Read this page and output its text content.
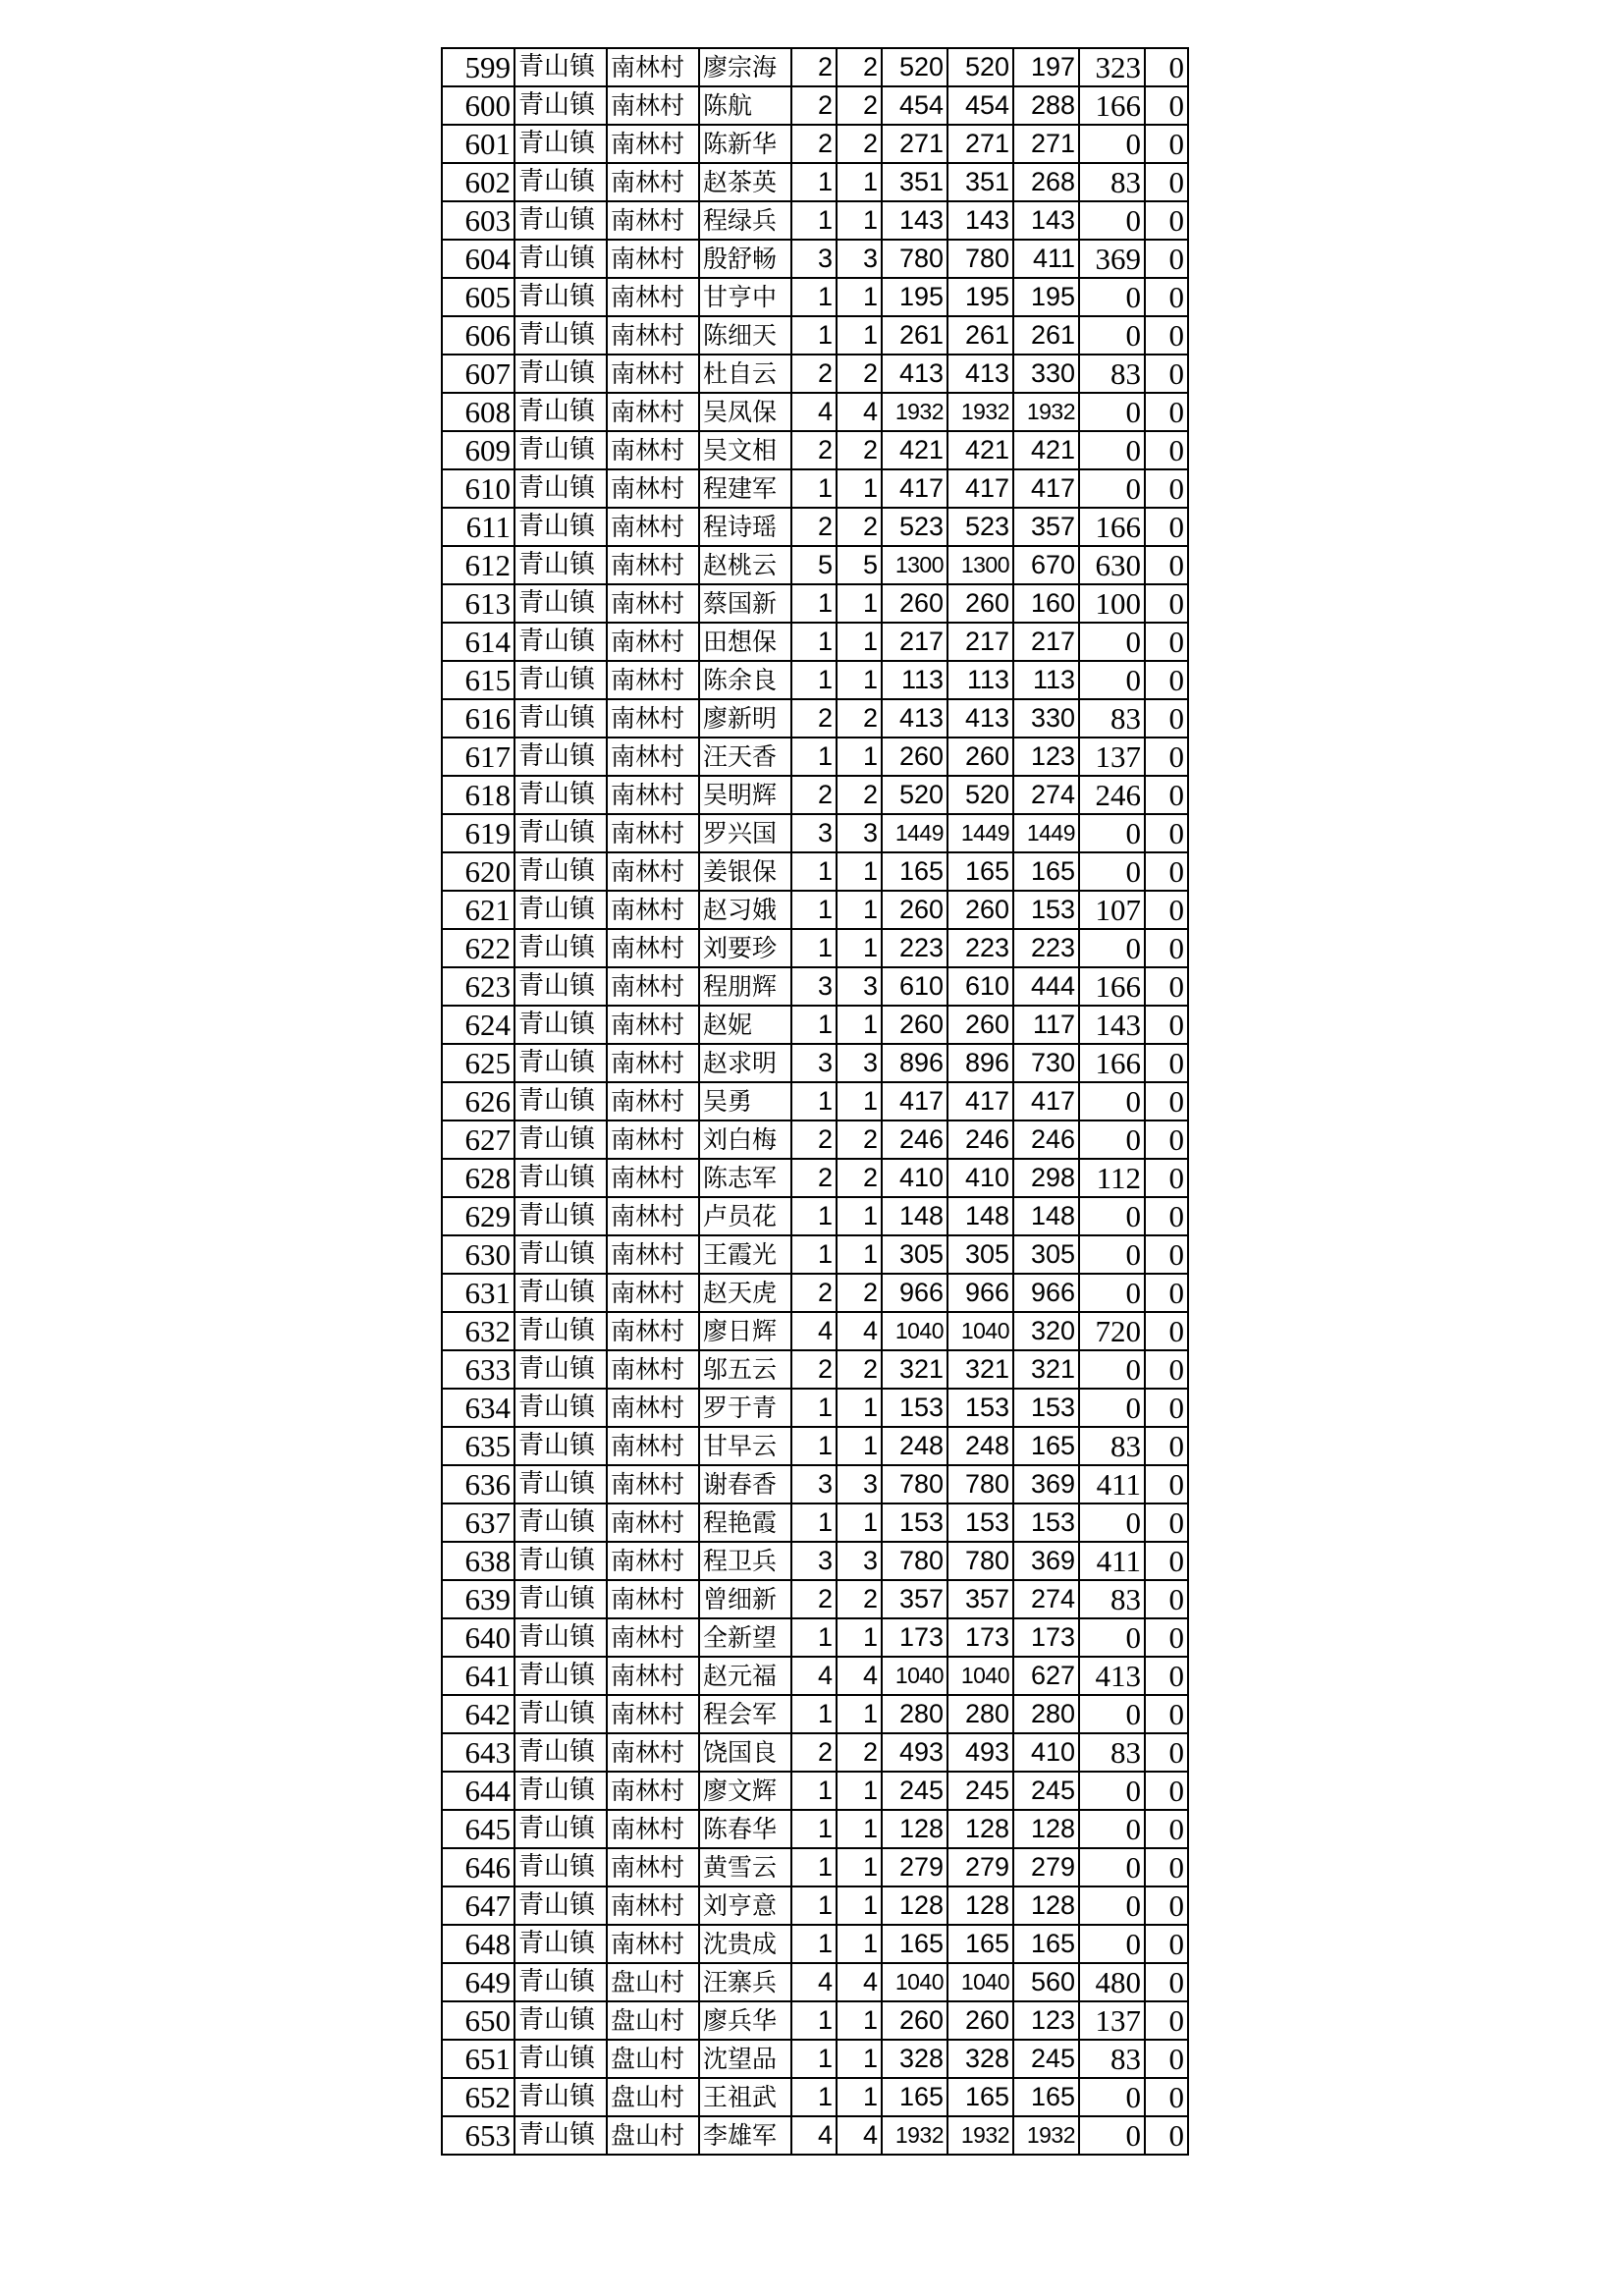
599	青山镇	南林村	廖宗海	2	2	520	520	197	323	0
600	青山镇	南林村	陈航	2	2	454	454	288	166	0
601	青山镇	南林村	陈新华	2	2	271	271	271	0	0
602	青山镇	南林村	赵茶英	1	1	351	351	268	83	0
603	青山镇	南林村	程绿兵	1	1	143	143	143	0	0
604	青山镇	南林村	殷舒畅	3	3	780	780	411	369	0
605	青山镇	南林村	甘亨中	1	1	195	195	195	0	0
606	青山镇	南林村	陈细天	1	1	261	261	261	0	0
607	青山镇	南林村	杜自云	2	2	413	413	330	83	0
608	青山镇	南林村	吴凤保	4	4	1932	1932	1932	0	0
609	青山镇	南林村	吴文相	2	2	421	421	421	0	0
610	青山镇	南林村	程建军	1	1	417	417	417	0	0
611	青山镇	南林村	程诗瑶	2	2	523	523	357	166	0
612	青山镇	南林村	赵桃云	5	5	1300	1300	670	630	0
613	青山镇	南林村	蔡国新	1	1	260	260	160	100	0
614	青山镇	南林村	田想保	1	1	217	217	217	0	0
615	青山镇	南林村	陈余良	1	1	113	113	113	0	0
616	青山镇	南林村	廖新明	2	2	413	413	330	83	0
617	青山镇	南林村	汪天香	1	1	260	260	123	137	0
618	青山镇	南林村	吴明辉	2	2	520	520	274	246	0
619	青山镇	南林村	罗兴国	3	3	1449	1449	1449	0	0
620	青山镇	南林村	姜银保	1	1	165	165	165	0	0
621	青山镇	南林村	赵习娥	1	1	260	260	153	107	0
622	青山镇	南林村	刘要珍	1	1	223	223	223	0	0
623	青山镇	南林村	程朋辉	3	3	610	610	444	166	0
624	青山镇	南林村	赵妮	1	1	260	260	117	143	0
625	青山镇	南林村	赵求明	3	3	896	896	730	166	0
626	青山镇	南林村	吴勇	1	1	417	417	417	0	0
627	青山镇	南林村	刘白梅	2	2	246	246	246	0	0
628	青山镇	南林村	陈志军	2	2	410	410	298	112	0
629	青山镇	南林村	卢员花	1	1	148	148	148	0	0
630	青山镇	南林村	王霞光	1	1	305	305	305	0	0
631	青山镇	南林村	赵天虎	2	2	966	966	966	0	0
632	青山镇	南林村	廖日辉	4	4	1040	1040	320	720	0
633	青山镇	南林村	邬五云	2	2	321	321	321	0	0
634	青山镇	南林村	罗于青	1	1	153	153	153	0	0
635	青山镇	南林村	甘早云	1	1	248	248	165	83	0
636	青山镇	南林村	谢春香	3	3	780	780	369	411	0
637	青山镇	南林村	程艳霞	1	1	153	153	153	0	0
638	青山镇	南林村	程卫兵	3	3	780	780	369	411	0
639	青山镇	南林村	曾细新	2	2	357	357	274	83	0
640	青山镇	南林村	全新望	1	1	173	173	173	0	0
641	青山镇	南林村	赵元福	4	4	1040	1040	627	413	0
642	青山镇	南林村	程会军	1	1	280	280	280	0	0
643	青山镇	南林村	饶国良	2	2	493	493	410	83	0
644	青山镇	南林村	廖文辉	1	1	245	245	245	0	0
645	青山镇	南林村	陈春华	1	1	128	128	128	0	0
646	青山镇	南林村	黄雪云	1	1	279	279	279	0	0
647	青山镇	南林村	刘亨意	1	1	128	128	128	0	0
648	青山镇	南林村	沈贵成	1	1	165	165	165	0	0
649	青山镇	盘山村	汪寨兵	4	4	1040	1040	560	480	0
650	青山镇	盘山村	廖兵华	1	1	260	260	123	137	0
651	青山镇	盘山村	沈望品	1	1	328	328	245	83	0
652	青山镇	盘山村	王祖武	1	1	165	165	165	0	0
653	青山镇	盘山村	李雄军	4	4	1932	1932	1932	0	0
